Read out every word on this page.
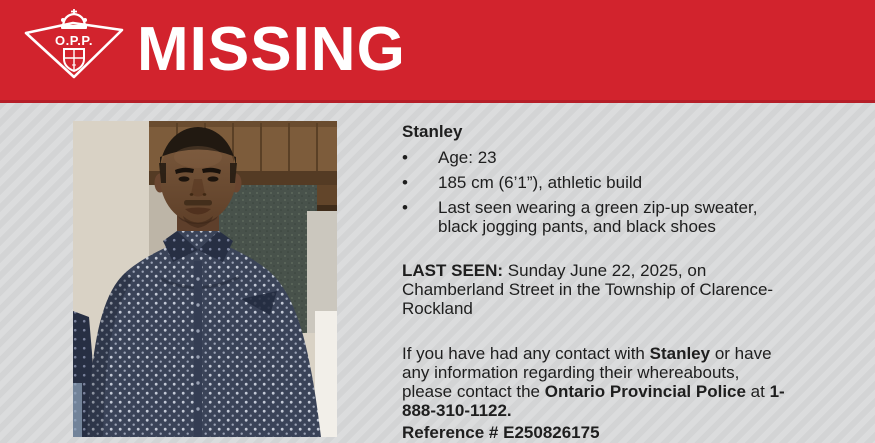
O.P.P. MISSING
Stanley
• Age: 23
• 185 cm (6’1”), athletic build
• Last seen wearing a green zip-up sweater, black jogging pants, and black shoes

LAST SEEN: Sunday June 22, 2025, on Chamberland Street in the Township of Clarence-Rockland

If you have had any contact with Stanley or have any information regarding their whereabouts, please contact the Ontario Provincial Police at 1-888-310-1122.

Reference # E250826175
